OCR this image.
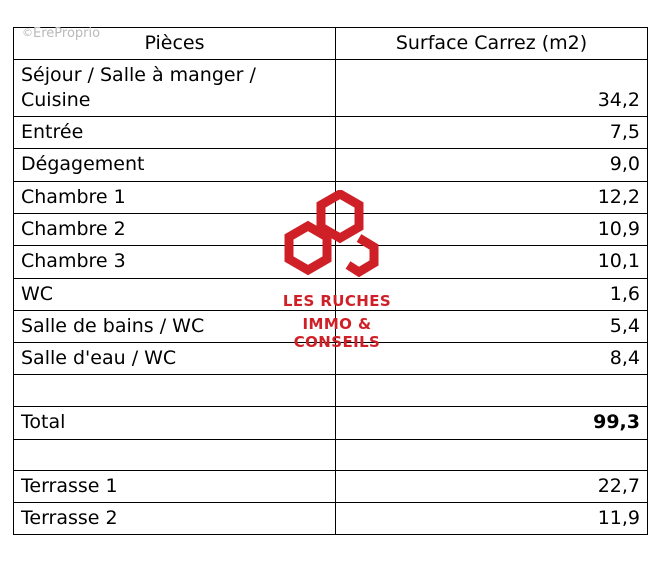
Pièces	Surface Carrez (m2)
Séjour / Salle à manger / Cuisine	34,2
Entrée	7,5
Dégagement	9,0
Chambre 1	12,2
Chambre 2	10,9
Chambre 3	10,1
WC	1,6
Salle de bains / WC	5,4
Salle d'eau / WC	8,4

Total	99,3

Terrasse 1	22,7
Terrasse 2	11,9
LES RUCHES
IMMO & CONSEILS
©EreProprio
